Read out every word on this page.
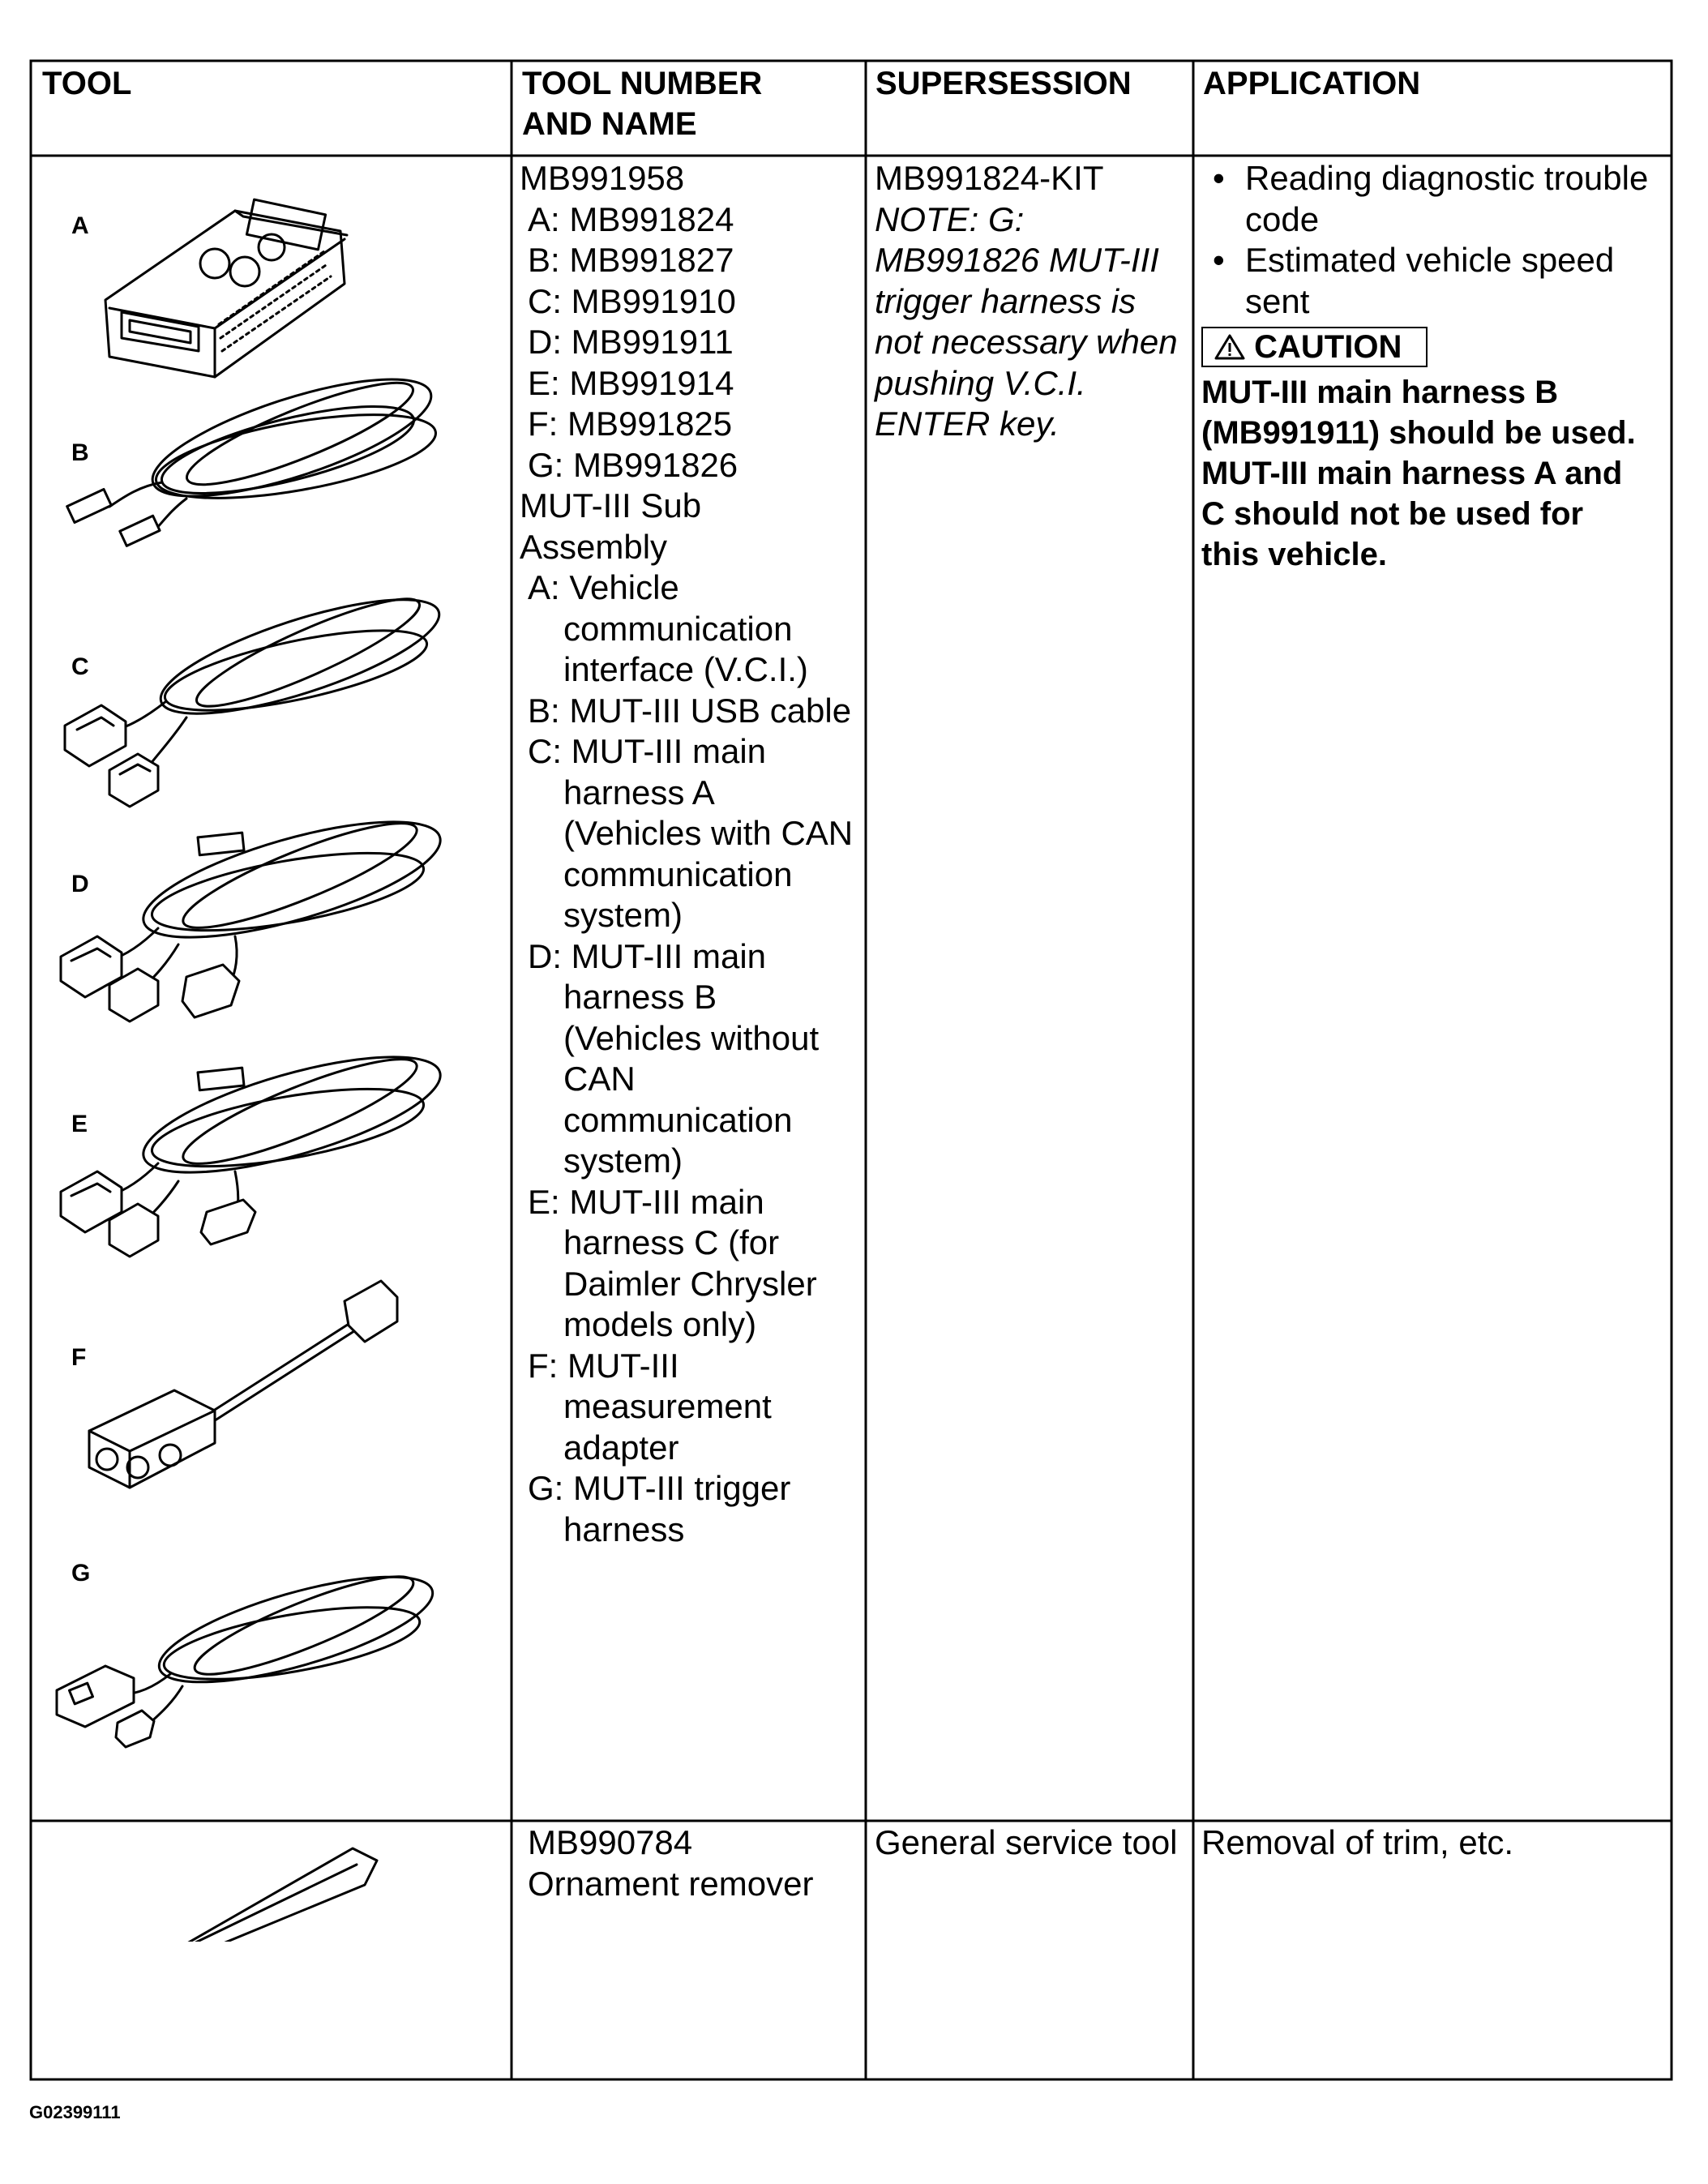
TOOL	TOOL NUMBER
AND NAME
SUPERSESSION APPLICATION
A
B
C
D
E
F
G
MB991958
A: MB991824
B: MB991827
C: MB991910
D: MB991911
E: MB991914
F: MB991825
G: MB991826
MUT-III Sub
Assembly
A: Vehicle
communication
interface (V.C.I.)
B: MUT-III USB cable
C: MUT-III main
harness A
(Vehicles with CAN
communication
system)
D: MUT-III main
harness B
(Vehicles without
CAN
communication
system)
E: MUT-III main
harness C (for
Daimler Chrysler
models only)
F: MUT-III
measurement
adapter
G: MUT-III trigger
harness
MB991824-KIT
NOTE: G:
MB991826 MUT-III
trigger harness is
not necessary when
pushing V.C.I.
ENTER key.
• Reading diagnostic trouble
code
• Estimated vehicle speed
sent
CAUTION
MUT-III main harness B
(MB991911) should be used.
MUT-III main harness A and
C should not be used for
this vehicle.
MB990784
Ornament remover
General service tool Removal of trim, etc.
G02399111
